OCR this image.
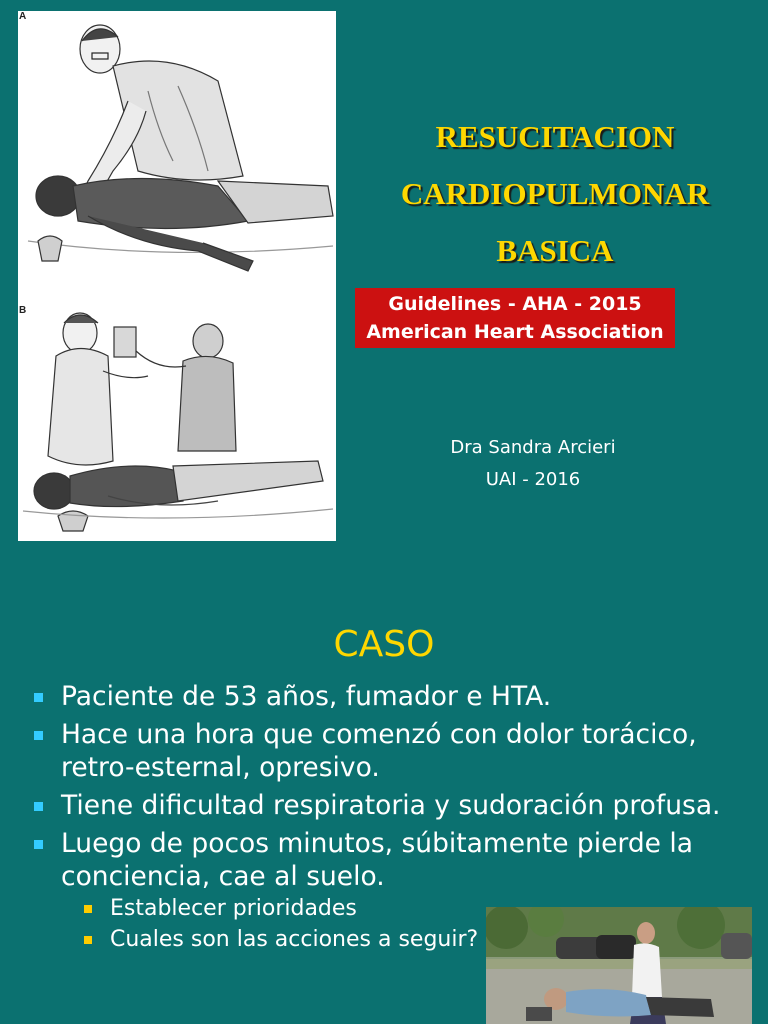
A
B
RESUCITACION
CARDIOPULMONAR
BASICA
Guidelines - AHA - 2015
American Heart Association
Dra Sandra Arcieri
UAI - 2016
CASO
Paciente de 53 años, fumador e HTA.
Hace una hora que comenzó con dolor torácico, retro-esternal, opresivo.
Tiene dificultad respiratoria y sudoración profusa.
Luego de pocos minutos, súbitamente pierde la conciencia, cae al suelo.
Establecer prioridades
Cuales son las acciones a seguir?
